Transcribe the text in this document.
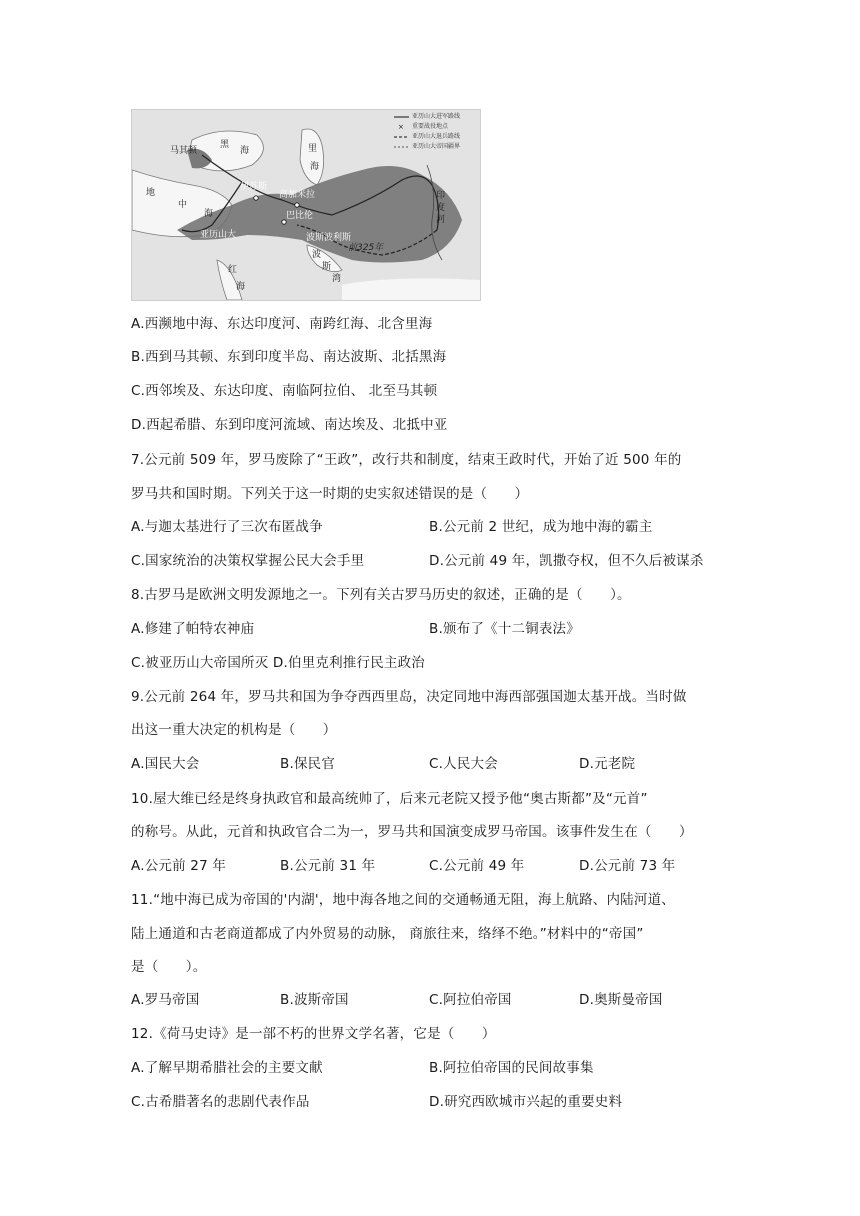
×
亚历山大进军路线
重要战役地点
亚历山大退兵路线
亚历山大帝国疆界
马其顿
黑
海	里
海
伊苏斯
高加米拉
巴比伦
波斯波利斯
前325年
地
中
海
亚历山大
红
海
波
斯
湾
印度河
A.西濒地中海、东达印度河、南跨红海、北含里海
B.西到马其顿、东到印度半岛、南达波斯、北括黑海
C.西邻埃及、东达印度、南临阿拉伯、 北至马其顿
D.西起希腊、东到印度河流域、南达埃及、北抵中亚
7.公元前 509 年，罗马废除了“王政”，改行共和制度，结束王政时代，开始了近 500 年的
罗马共和国时期。下列关于这一时期的史实叙述错误的是（　　）
A.与迦太基进行了三次布匿战争	B.公元前 2 世纪，成为地中海的霸主
C.国家统治的决策权掌握公民大会手里	D.公元前 49 年，凯撒夺权，但不久后被谋杀
8.古罗马是欧洲文明发源地之一。下列有关古罗马历史的叙述，正确的是（　　）。
A.修建了帕特农神庙	B.颁布了《十二铜表法》
C.被亚历山大帝国所灭 D.伯里克利推行民主政治
9.公元前 264 年，罗马共和国为争夺西西里岛，决定同地中海西部强国迦太基开战。当时做
出这一重大决定的机构是（　　）
A.国民大会	B.保民官	C.人民大会	D.元老院
10.屋大维已经是终身执政官和最高统帅了，后来元老院又授予他“奥古斯都”及“元首”
的称号。从此，元首和执政官合二为一，罗马共和国演变成罗马帝国。该事件发生在（　　）
A.公元前 27 年	B.公元前 31 年	C.公元前 49 年	D.公元前 73 年
11.“地中海已成为帝国的'内湖'，地中海各地之间的交通畅通无阻，海上航路、内陆河道、
陆上通道和古老商道都成了内外贸易的动脉， 商旅往来，络绎不绝。”材料中的“帝国”
是（　　）。
A.罗马帝国	B.波斯帝国	C.阿拉伯帝国	D.奥斯曼帝国
12.《荷马史诗》是一部不朽的世界文学名著，它是（　　）
A.了解早期希腊社会的主要文献	B.阿拉伯帝国的民间故事集
C.古希腊著名的悲剧代表作品	D.研究西欧城市兴起的重要史料
